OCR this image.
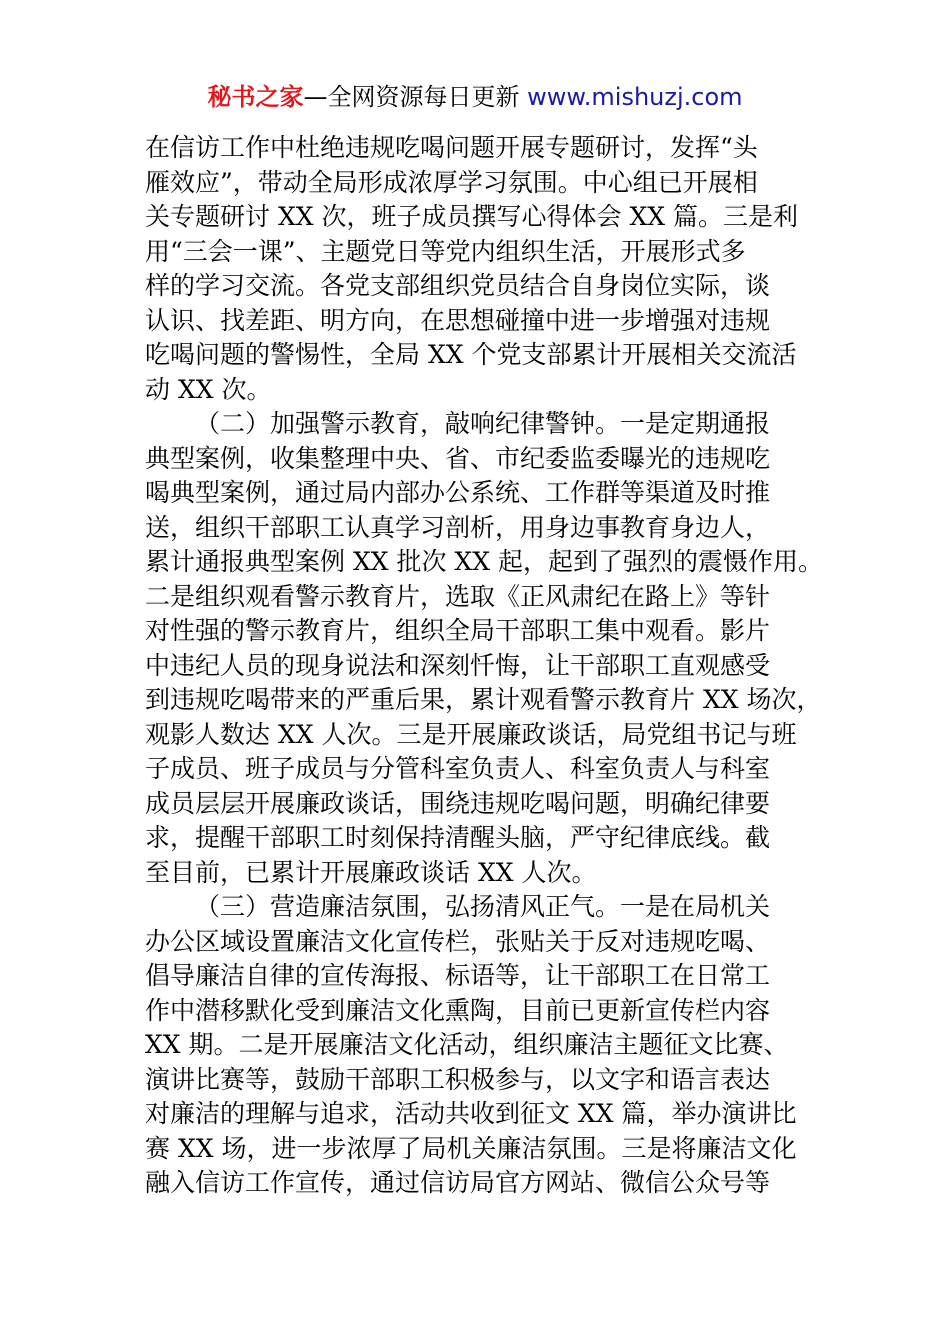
秘书之家—全网资源每日更新 www.mishuzj.com
在信访工作中杜绝违规吃喝问题开展专题研讨，发挥“头
雁效应”，带动全局形成浓厚学习氛围。中心组已开展相
关专题研讨 XX 次，班子成员撰写心得体会 XX 篇。三是利
用“三会一课”、主题党日等党内组织生活，开展形式多
样的学习交流。各党支部组织党员结合自身岗位实际，谈
认识、找差距、明方向，在思想碰撞中进一步增强对违规
吃喝问题的警惕性，全局 XX 个党支部累计开展相关交流活
动 XX 次。
（二）加强警示教育，敲响纪律警钟。一是定期通报
典型案例，收集整理中央、省、市纪委监委曝光的违规吃
喝典型案例，通过局内部办公系统、工作群等渠道及时推
送，组织干部职工认真学习剖析，用身边事教育身边人，
累计通报典型案例 XX 批次 XX 起，起到了强烈的震慑作用。
二是组织观看警示教育片，选取《正风肃纪在路上》等针
对性强的警示教育片，组织全局干部职工集中观看。影片
中违纪人员的现身说法和深刻忏悔，让干部职工直观感受
到违规吃喝带来的严重后果，累计观看警示教育片 XX 场次，
观影人数达 XX 人次。三是开展廉政谈话，局党组书记与班
子成员、班子成员与分管科室负责人、科室负责人与科室
成员层层开展廉政谈话，围绕违规吃喝问题，明确纪律要
求，提醒干部职工时刻保持清醒头脑，严守纪律底线。截
至目前，已累计开展廉政谈话 XX 人次。
（三）营造廉洁氛围，弘扬清风正气。一是在局机关
办公区域设置廉洁文化宣传栏，张贴关于反对违规吃喝、
倡导廉洁自律的宣传海报、标语等，让干部职工在日常工
作中潜移默化受到廉洁文化熏陶，目前已更新宣传栏内容
XX 期。二是开展廉洁文化活动，组织廉洁主题征文比赛、
演讲比赛等，鼓励干部职工积极参与，以文字和语言表达
对廉洁的理解与追求，活动共收到征文 XX 篇，举办演讲比
赛 XX 场，进一步浓厚了局机关廉洁氛围。三是将廉洁文化
融入信访工作宣传，通过信访局官方网站、微信公众号等
